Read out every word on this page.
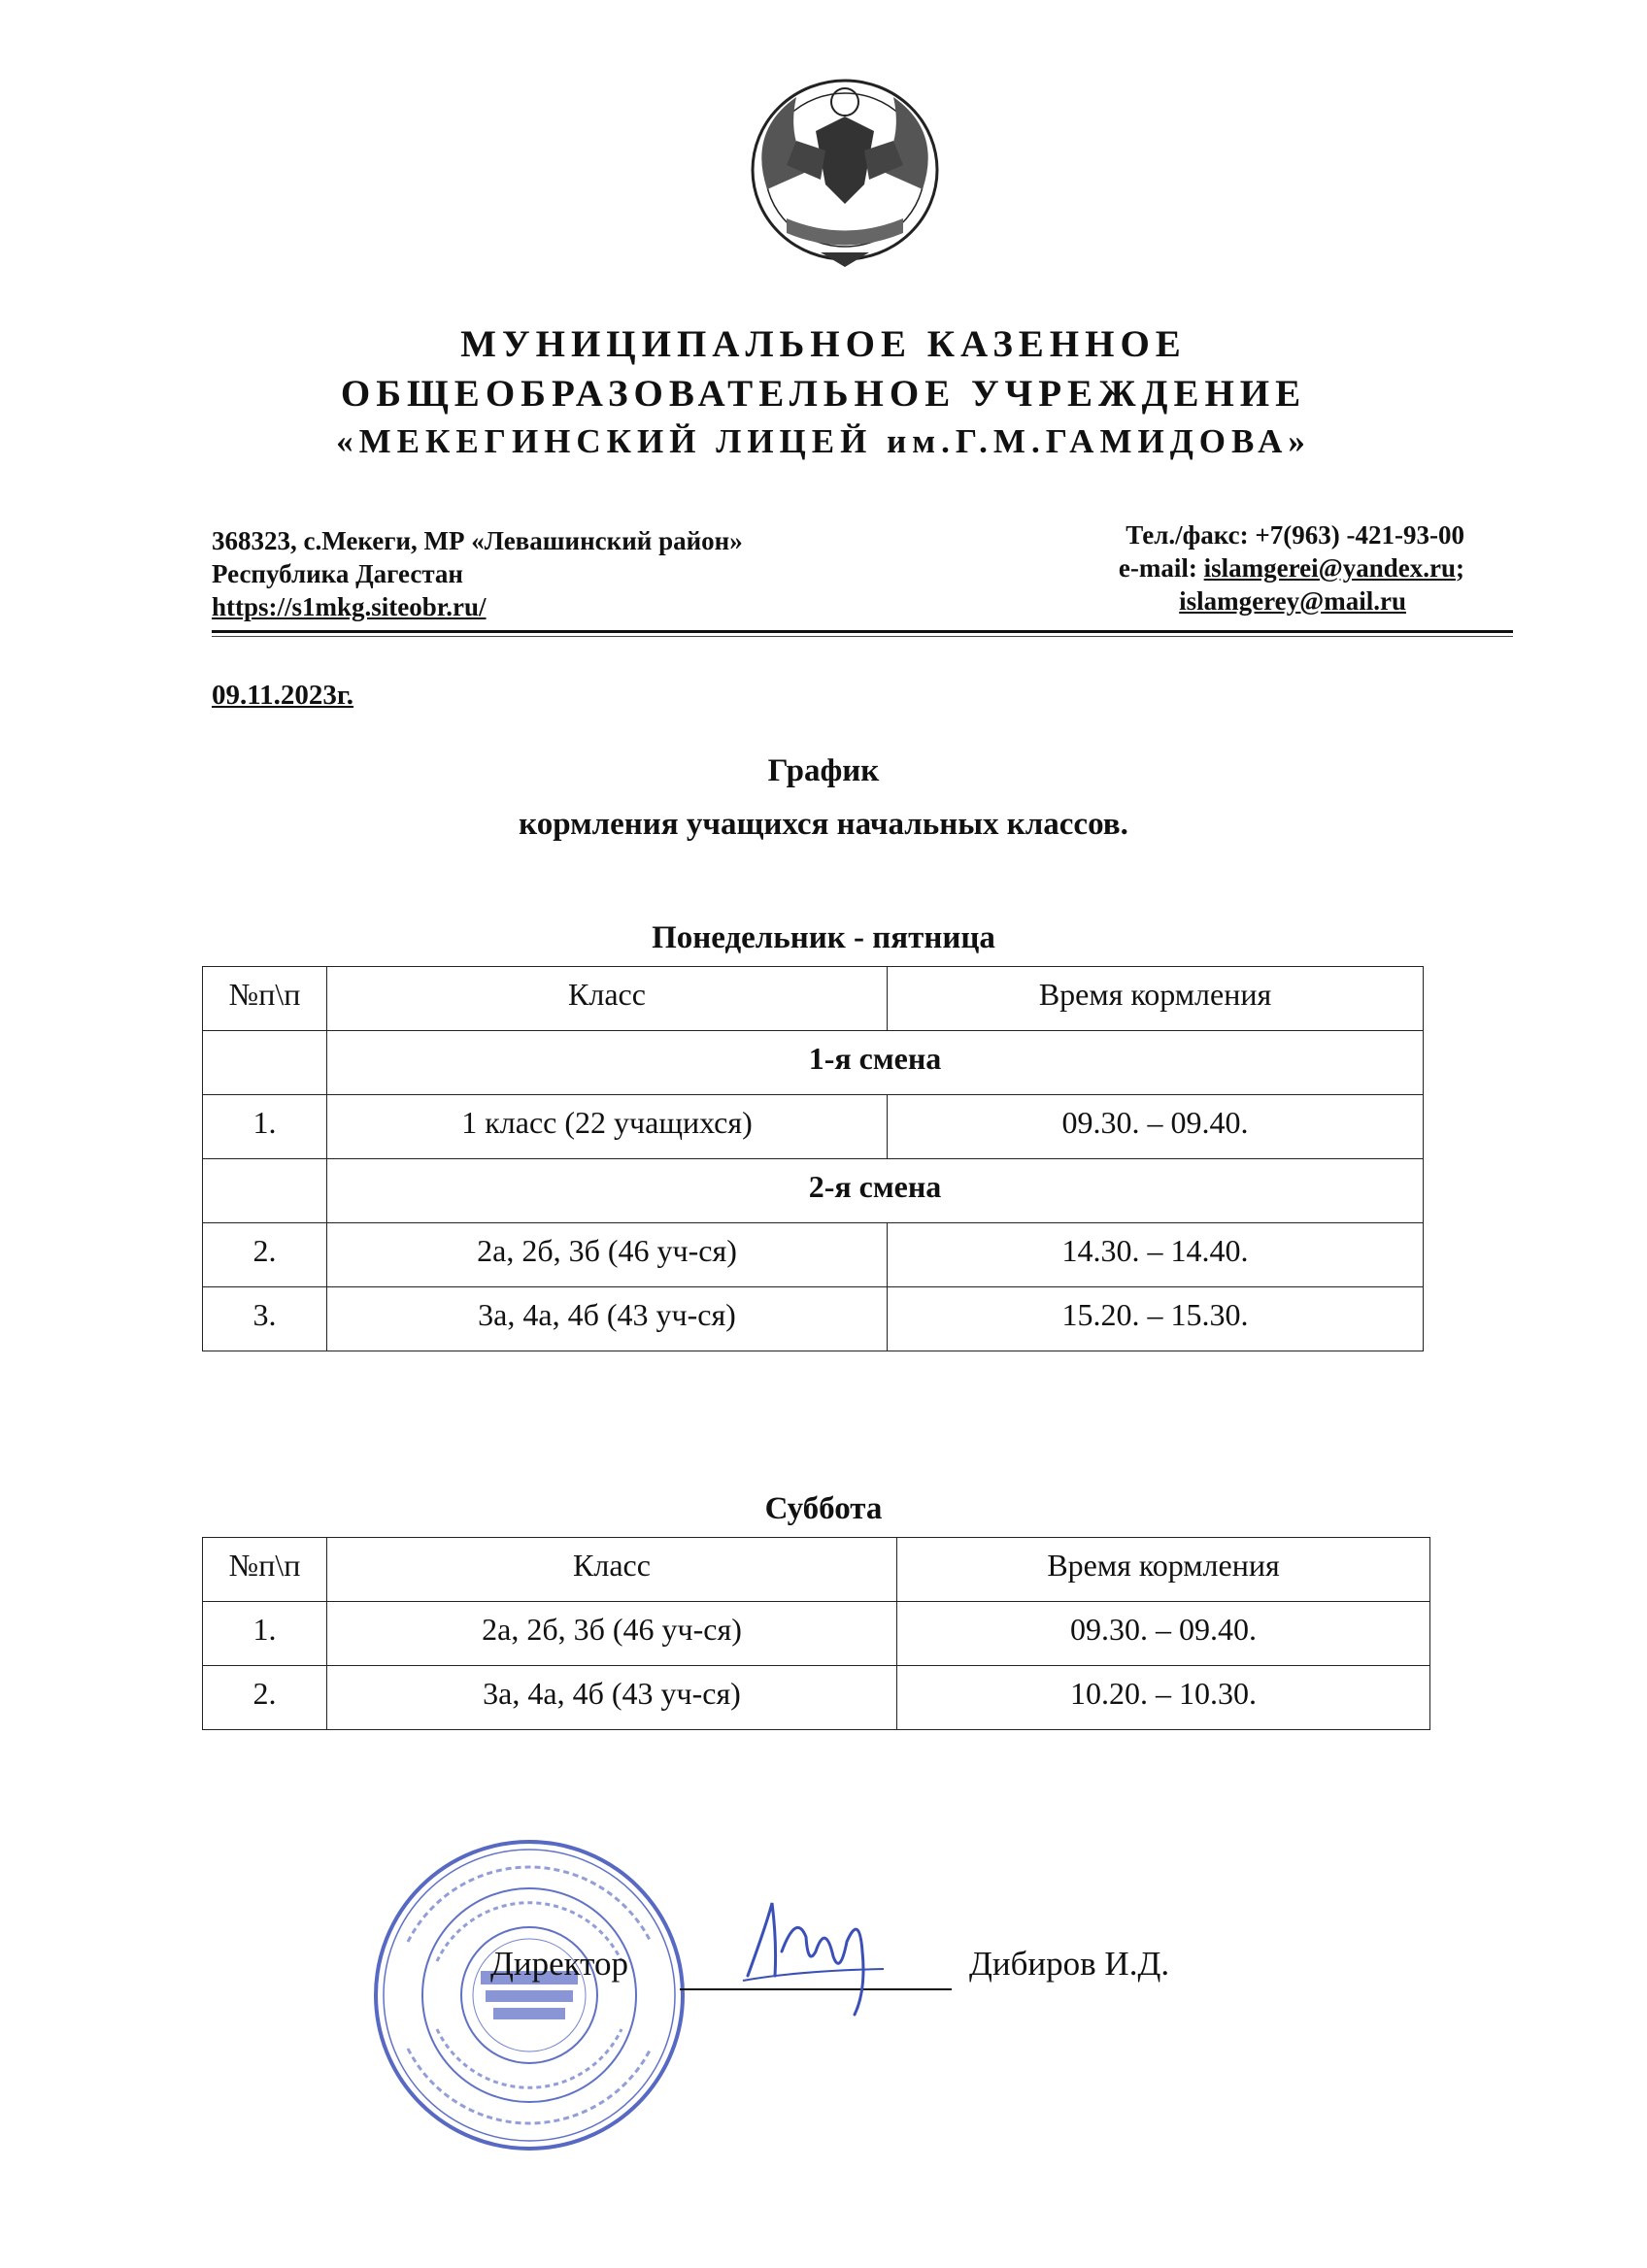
МУНИЦИПАЛЬНОЕ КАЗЕННОЕ
ОБЩЕОБРАЗОВАТЕЛЬНОЕ УЧРЕЖДЕНИЕ
«МЕКЕГИНСКИЙ ЛИЦЕЙ им.Г.М.ГАМИДОВА»
368323, с.Мекеги, МР «Левашинский район»
Республика Дагестан
https://s1mkg.siteobr.ru/
Тел./факс: +7(963) -421-93-00
e-mail: islamgerei@yandex.ru;
islamgerey@mail.ru
09.11.2023г.
График
кормления учащихся начальных классов.
Понедельник - пятница
№п\п	Класс	Время кормления
	1-я смена	
1.	1 класс (22 учащихся)	09.30. – 09.40.
	2-я смена	
2.	2а, 2б, 3б (46 уч-ся)	14.30. – 14.40.
3.	3а, 4а, 4б (43 уч-ся)	15.20. – 15.30.
Суббота
№п\п	Класс	Время кормления
1.	2а, 2б, 3б (46 уч-ся)	09.30. – 09.40.
2.	3а, 4а, 4б (43 уч-ся)	10.20. – 10.30.
Директор	Дибиров И.Д.
